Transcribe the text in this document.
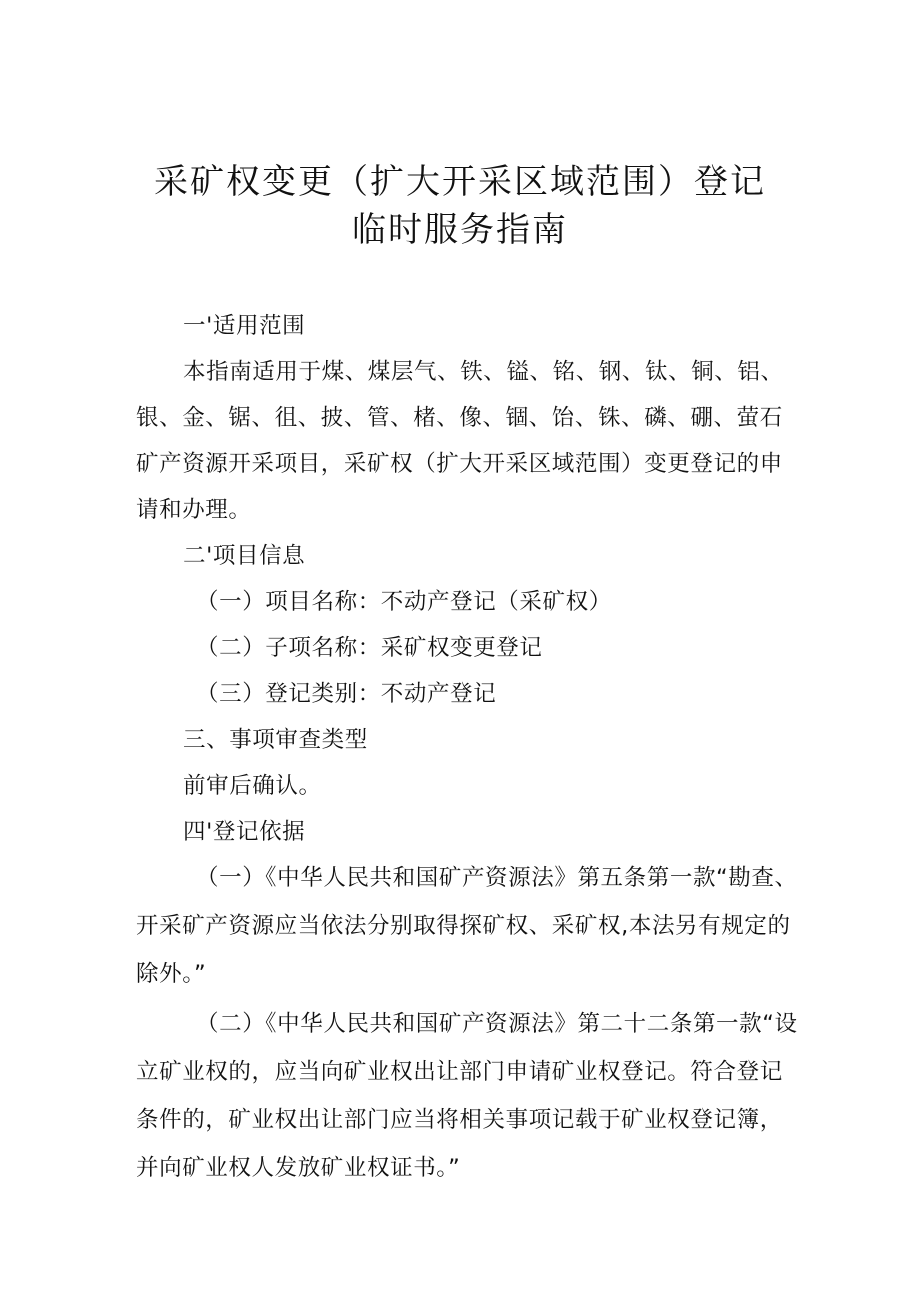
采矿权变更（扩大开采区域范围）登记
临时服务指南
一'适用范围
本指南适用于煤、煤层气、铁、镒、铭、钢、钛、铜、铝、
银、金、锯、徂、披、管、楮、像、锢、饴、铢、磷、硼、萤石
矿产资源开采项目，采矿权（扩大开采区域范围）变更登记的申
请和办理。
二'项目信息
（一）项目名称：不动产登记（采矿权）
（二）子项名称：采矿权变更登记
（三）登记类别：不动产登记
三、事项审查类型
前审后确认。
四'登记依据
（一）《中华人民共和国矿产资源法》第五条第一款“勘查、
开采矿产资源应当依法分别取得探矿权、采矿权,本法另有规定的
除外。”
（二）《中华人民共和国矿产资源法》第二十二条第一款“设
立矿业权的，应当向矿业权出让部门申请矿业权登记。符合登记
条件的，矿业权出让部门应当将相关事项记载于矿业权登记簿，
并向矿业权人发放矿业权证书。”
